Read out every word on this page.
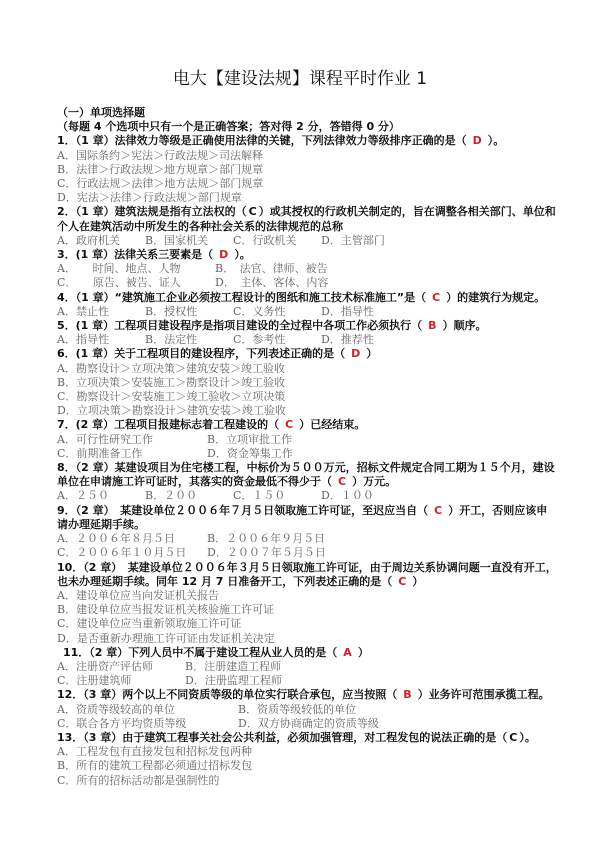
电大【建设法规】课程平时作业 1
（一）单项选择题
（每题 4 个选项中只有一个是正确答案；答对得 2 分，答错得 0 分）
1．（1 章）法律效力等级是正确使用法律的关键，下列法律效力等级排序正确的是（ D ）。
A．国际条约＞宪法＞行政法规＞司法解释
B．法律＞行政法规＞地方规章＞部门规章
C．行政法规＞法律＞地方法规＞部门规章
D．宪法＞法律＞行政法规＞部门规章
2．（1 章）建筑法规是指有立法权的（ C ）或其授权的行政机关制定的，旨在调整各相关部门、单位和个人在建筑活动中所发生的各种社会关系的法律规范的总称
A．政府机关 B．国家机关 C．行政机关 D．主管部门
3．(1 章）法律关系三要素是（ D ）。
A．　　时间、地点、人物	B．　法官、律师、被告
C．　　原告、被告、证人	D．　主体、客体、内容
4．（1 章）“建筑施工企业必须按工程设计的图纸和施工技术标准施工”是（ C ）的建筑行为规定。
A．禁止性	B．授权性	C．义务性	D．指导性
5．(1 章）工程项目建设程序是指项目建设的全过程中各项工作必须执行（ B ）顺序。
A．指导性	B．法定性	C．参考性	D．推荐性
6．(1 章）关于工程项目的建设程序，下列表述正确的是（ D ）
A．勘察设计＞立项决策＞建筑安装＞竣工验收
B．立项决策＞安装施工＞勘察设计＞竣工验收
C．勘察设计＞安装施工＞竣工验收＞立项决策
D．立项决策＞勘察设计＞建筑安装＞竣工验收
7．(2 章）工程项目报建标志着工程建设的（ C ）已经结束。
A．可行性研究工作	B．立项审批工作
C．前期准备工作	D．资金筹集工作
8．（2 章）某建设项目为住宅楼工程，中标价为５００万元，招标文件规定合同工期为１５个月，建设单位在申请施工许可证时，其落实的资金最低不得少于（ C ）万元。
A．２５０	B．２００	C．１５０	D．１００
9．（2 章）　某建设单位２００６年７月５日领取施工许可证，至迟应当自（ C ）开工，否则应该申请办理延期手续。
A．２００６年８月５日	B．２００６年９月５日
C．２００６年１０月５日 D．２００７年５月５日
10．（2 章）　某建设单位２００６年３月５日领取施工许可证，由于周边关系协调问题一直没有开工，也未办理延期手续。同年 12 月 7 日准备开工，下列表述正确的是（ C ）
A．建设单位应当向发证机关报告
B．建设单位应当报发证机关核验施工许可证
C．建设单位应当重新领取施工许可证
D．是否重新办理施工许可证由发证机关决定
11．（2 章）下列人员中不属于建设工程从业人员的是（ A ）
A．注册资产评估师	B．注册建造工程师
C．注册建筑师	D．注册监理工程师
12．（3 章）两个以上不同资质等级的单位实行联合承包，应当按照（ B ）业务许可范围承揽工程。
A．资质等级较高的单位	B．资质等级较低的单位
C．联合各方平均资质等级	D．双方协商确定的资质等级
13．（3 章）由于建筑工程事关社会公共利益，必须加强管理，对工程发包的说法正确的是（ C ）。
A．工程发包有直接发包和招标发包两种
B．所有的建筑工程都必须通过招标发包
C．所有的招标活动都是强制性的
